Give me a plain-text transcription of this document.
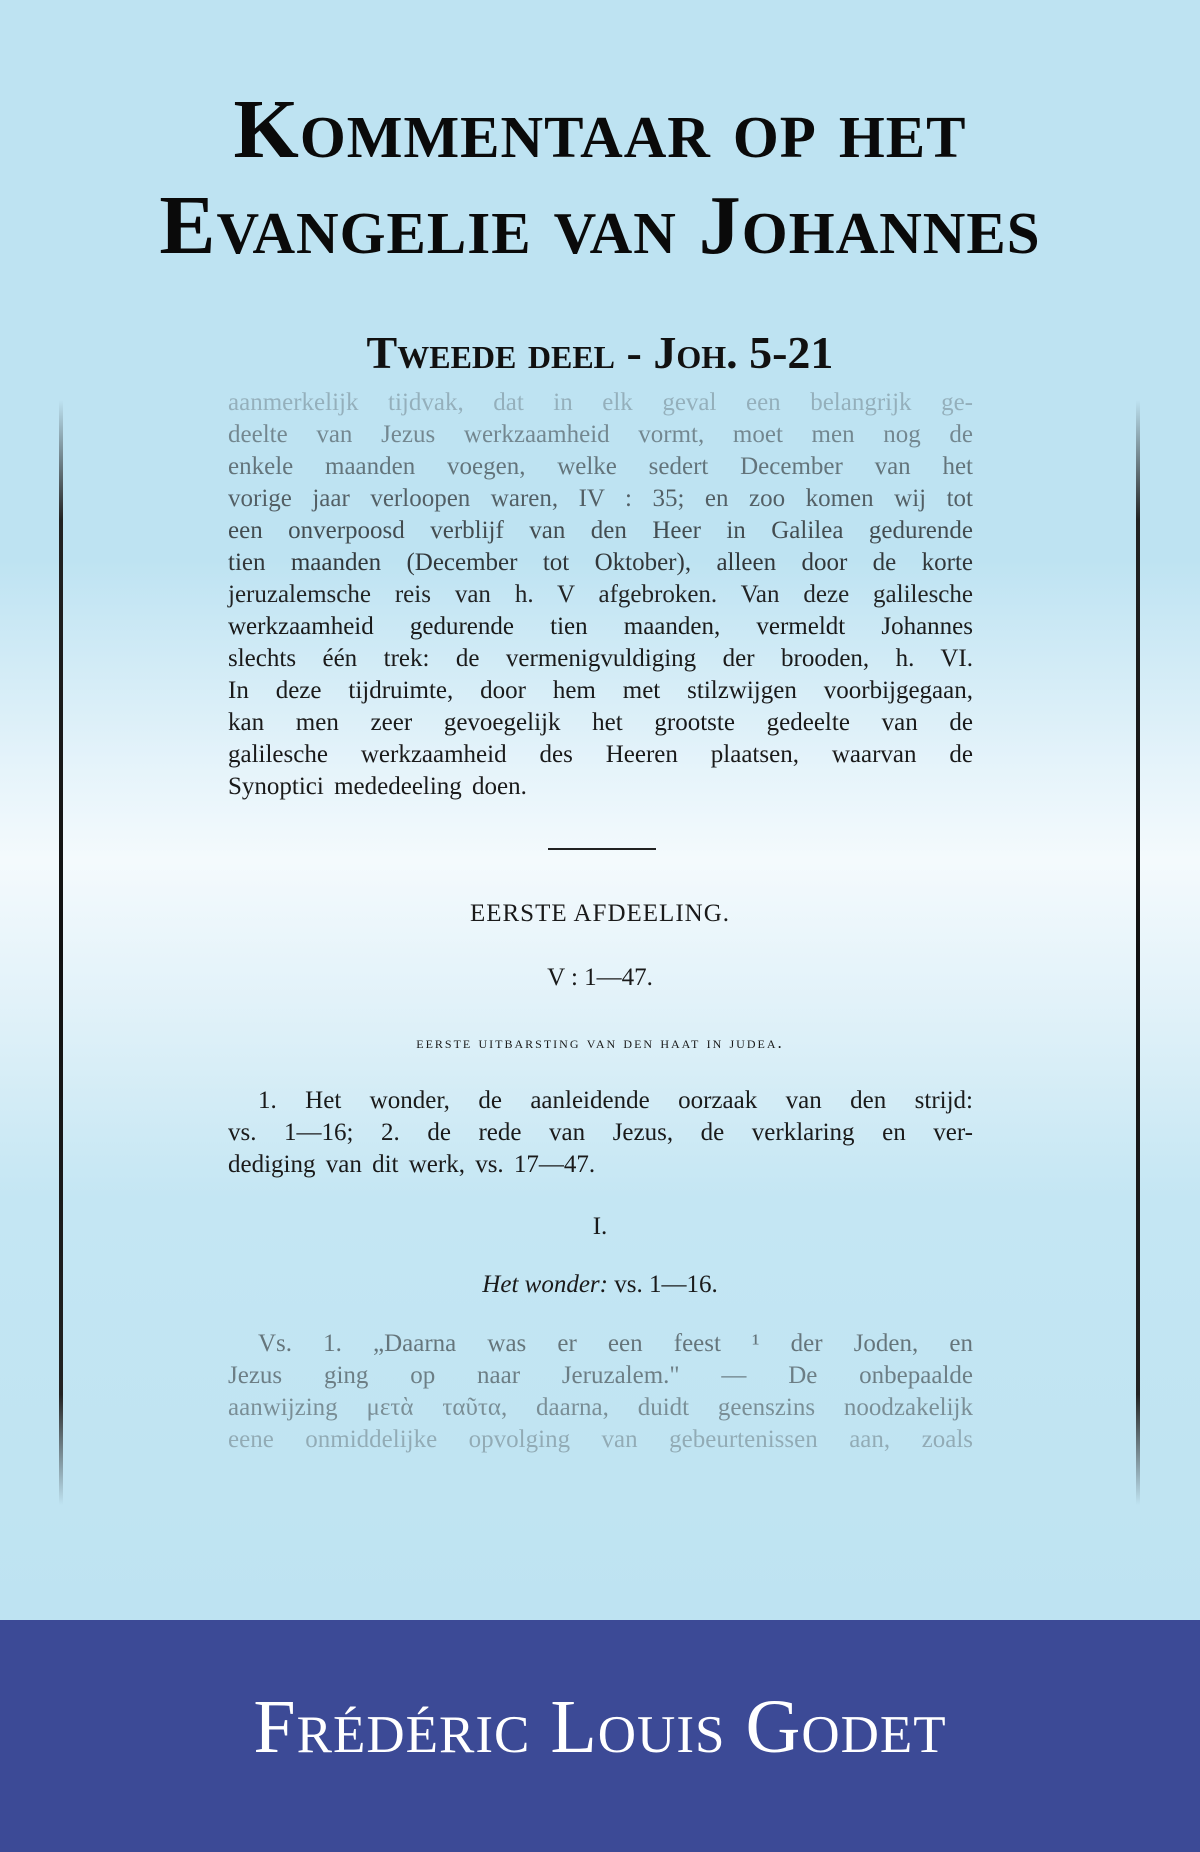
Kommentaar op het
Evangelie van Johannes
Tweede deel - Joh. 5-21
EERSTE AFDEELING.
V : 1—47.
eerste uitbarsting van den haat in judea.
I.
Het wonder: vs. 1—16.
aanmerkelijk tijdvak, dat in elk geval een belangrijk ge-
deelte van Jezus werkzaamheid vormt, moet men nog de
enkele maanden voegen, welke sedert December van het
vorige jaar verloopen waren, IV : 35; en zoo komen wij tot
een onverpoosd verblijf van den Heer in Galilea gedurende
tien maanden (December tot Oktober), alleen door de korte
jeruzalemsche reis van h. V afgebroken. Van deze galilesche
werkzaamheid gedurende tien maanden, vermeldt Johannes
slechts één trek: de vermenigvuldiging der brooden, h. VI.
In deze tijdruimte, door hem met stilzwijgen voorbijgegaan,
kan men zeer gevoegelijk het grootste gedeelte van de
galilesche werkzaamheid des Heeren plaatsen, waarvan de
Synoptici mededeeling doen.
1. Het wonder, de aanleidende oorzaak van den strijd:
vs. 1—16; 2. de rede van Jezus, de verklaring en ver-
dediging van dit werk, vs. 17—47.
Vs. 1. „Daarna was er een feest ¹ der Joden, en
Jezus ging op naar Jeruzalem." — De onbepaalde
aanwijzing μετὰ ταῦτα, daarna, duidt geenszins noodzakelijk
eene onmiddelijke opvolging van gebeurtenissen aan, zoals
Frédéric Louis Godet
